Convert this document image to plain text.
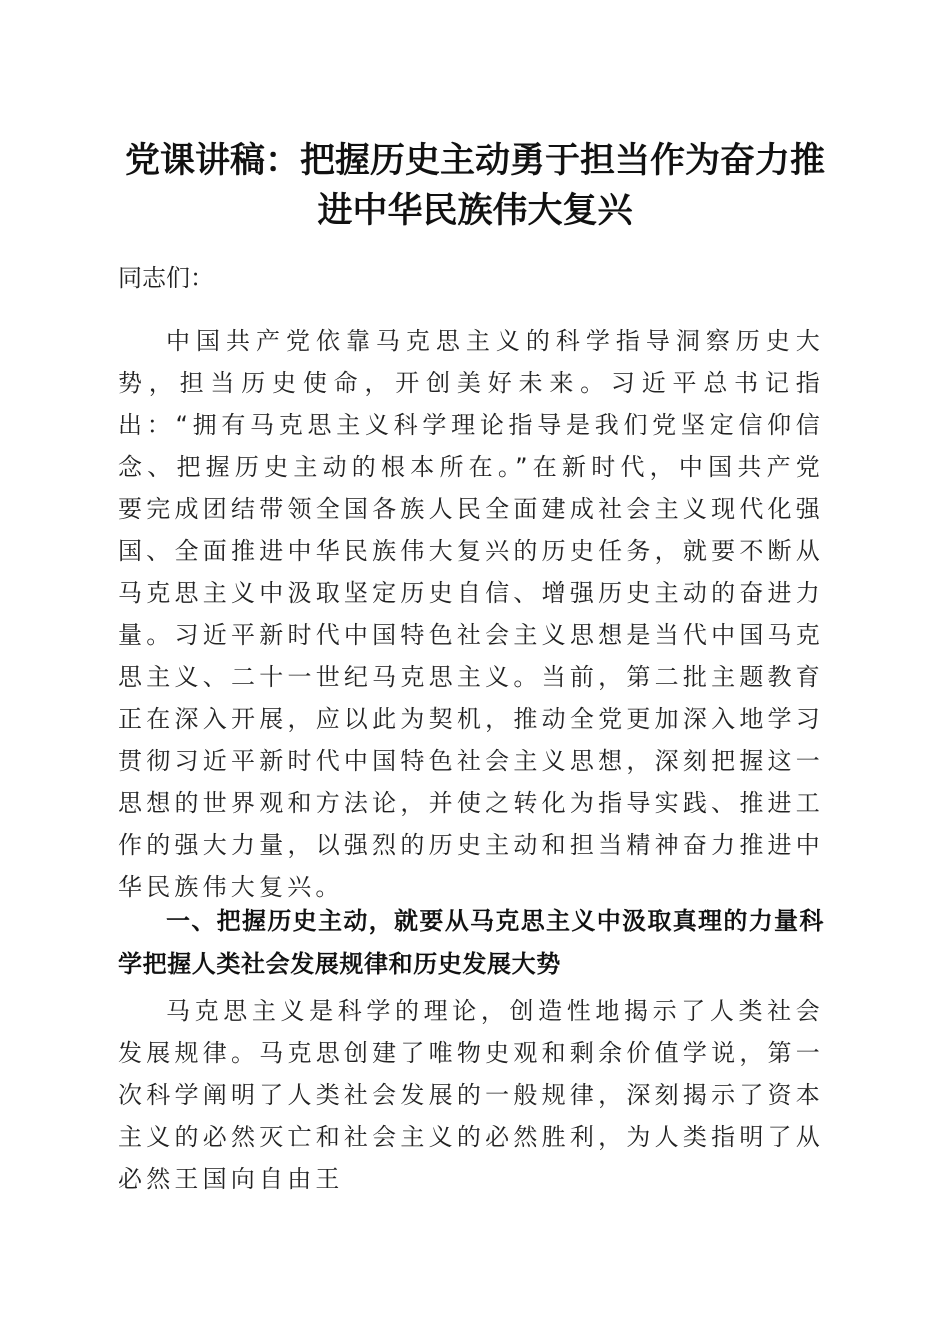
党课讲稿：把握历史主动勇于担当作为奋力推
进中华民族伟大复兴
同志们：

中国共产党依靠马克思主义的科学指导洞察历史大势，担当历史使命，开创美好未来。习近平总书记指出：“拥有马克思主义科学理论指导是我们党坚定信仰信念、把握历史主动的根本所在。”在新时代，中国共产党要完成团结带领全国各族人民全面建成社会主义现代化强国、全面推进中华民族伟大复兴的历史任务，就要不断从马克思主义中汲取坚定历史自信、增强历史主动的奋进力量。习近平新时代中国特色社会主义思想是当代中国马克思主义、二十一世纪马克思主义。当前，第二批主题教育正在深入开展，应以此为契机，推动全党更加深入地学习贯彻习近平新时代中国特色社会主义思想，深刻把握这一思想的世界观和方法论，并使之转化为指导实践、推进工作的强大力量，以强烈的历史主动和担当精神奋力推进中华民族伟大复兴。

一、把握历史主动，就要从马克思主义中汲取真理的力量科学把握人类社会发展规律和历史发展大势

马克思主义是科学的理论，创造性地揭示了人类社会发展规律。马克思创建了唯物史观和剩余价值学说，第一次科学阐明了人类社会发展的一般规律，深刻揭示了资本主义的必然灭亡和社会主义的必然胜利，为人类指明了从必然王国向自由王
